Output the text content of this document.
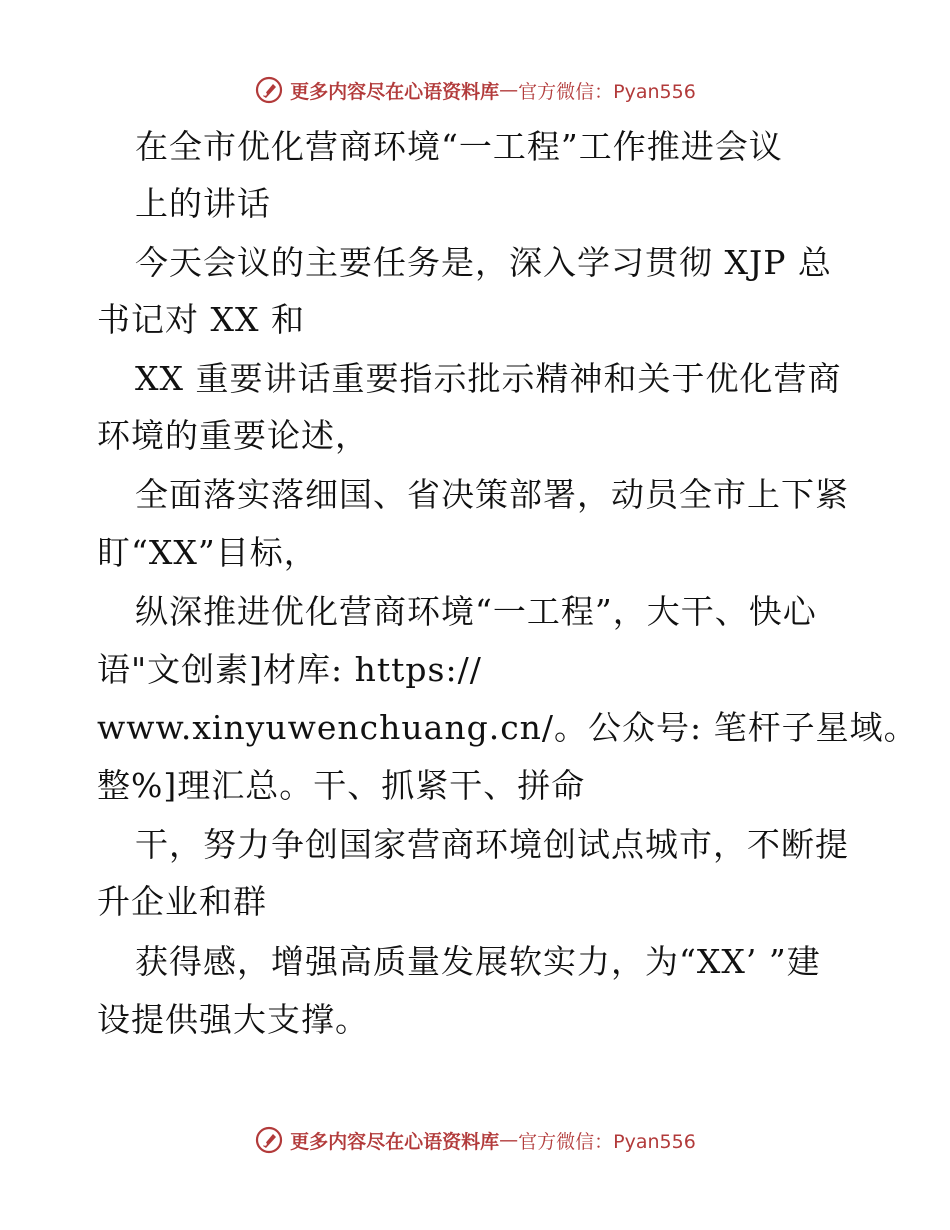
更多内容尽在心语资料库 — 官方微信：Pyan556
在全市优化营商环境“一工程”工作推进会议
上的讲话
今天会议的主要任务是，深入学习贯彻 XJP 总
书记对 XX 和
XX 重要讲话重要指示批示精神和关于优化营商
环境的重要论述，
全面落实落细国、省决策部署，动员全市上下紧
盯“XX”目标，
纵深推进优化营商环境“一工程”，大干、快心
语"文创素]材库: https://
www.xinyuwenchuang.cn/。公众号: 笔杆子星域。
整%]理汇总。干、抓紧干、拼命
干，努力争创国家营商环境创试点城市，不断提
升企业和群
获得感，增强高质量发展软实力，为“XX’ ”建
设提供强大支撑。
更多内容尽在心语资料库 — 官方微信：Pyan556
